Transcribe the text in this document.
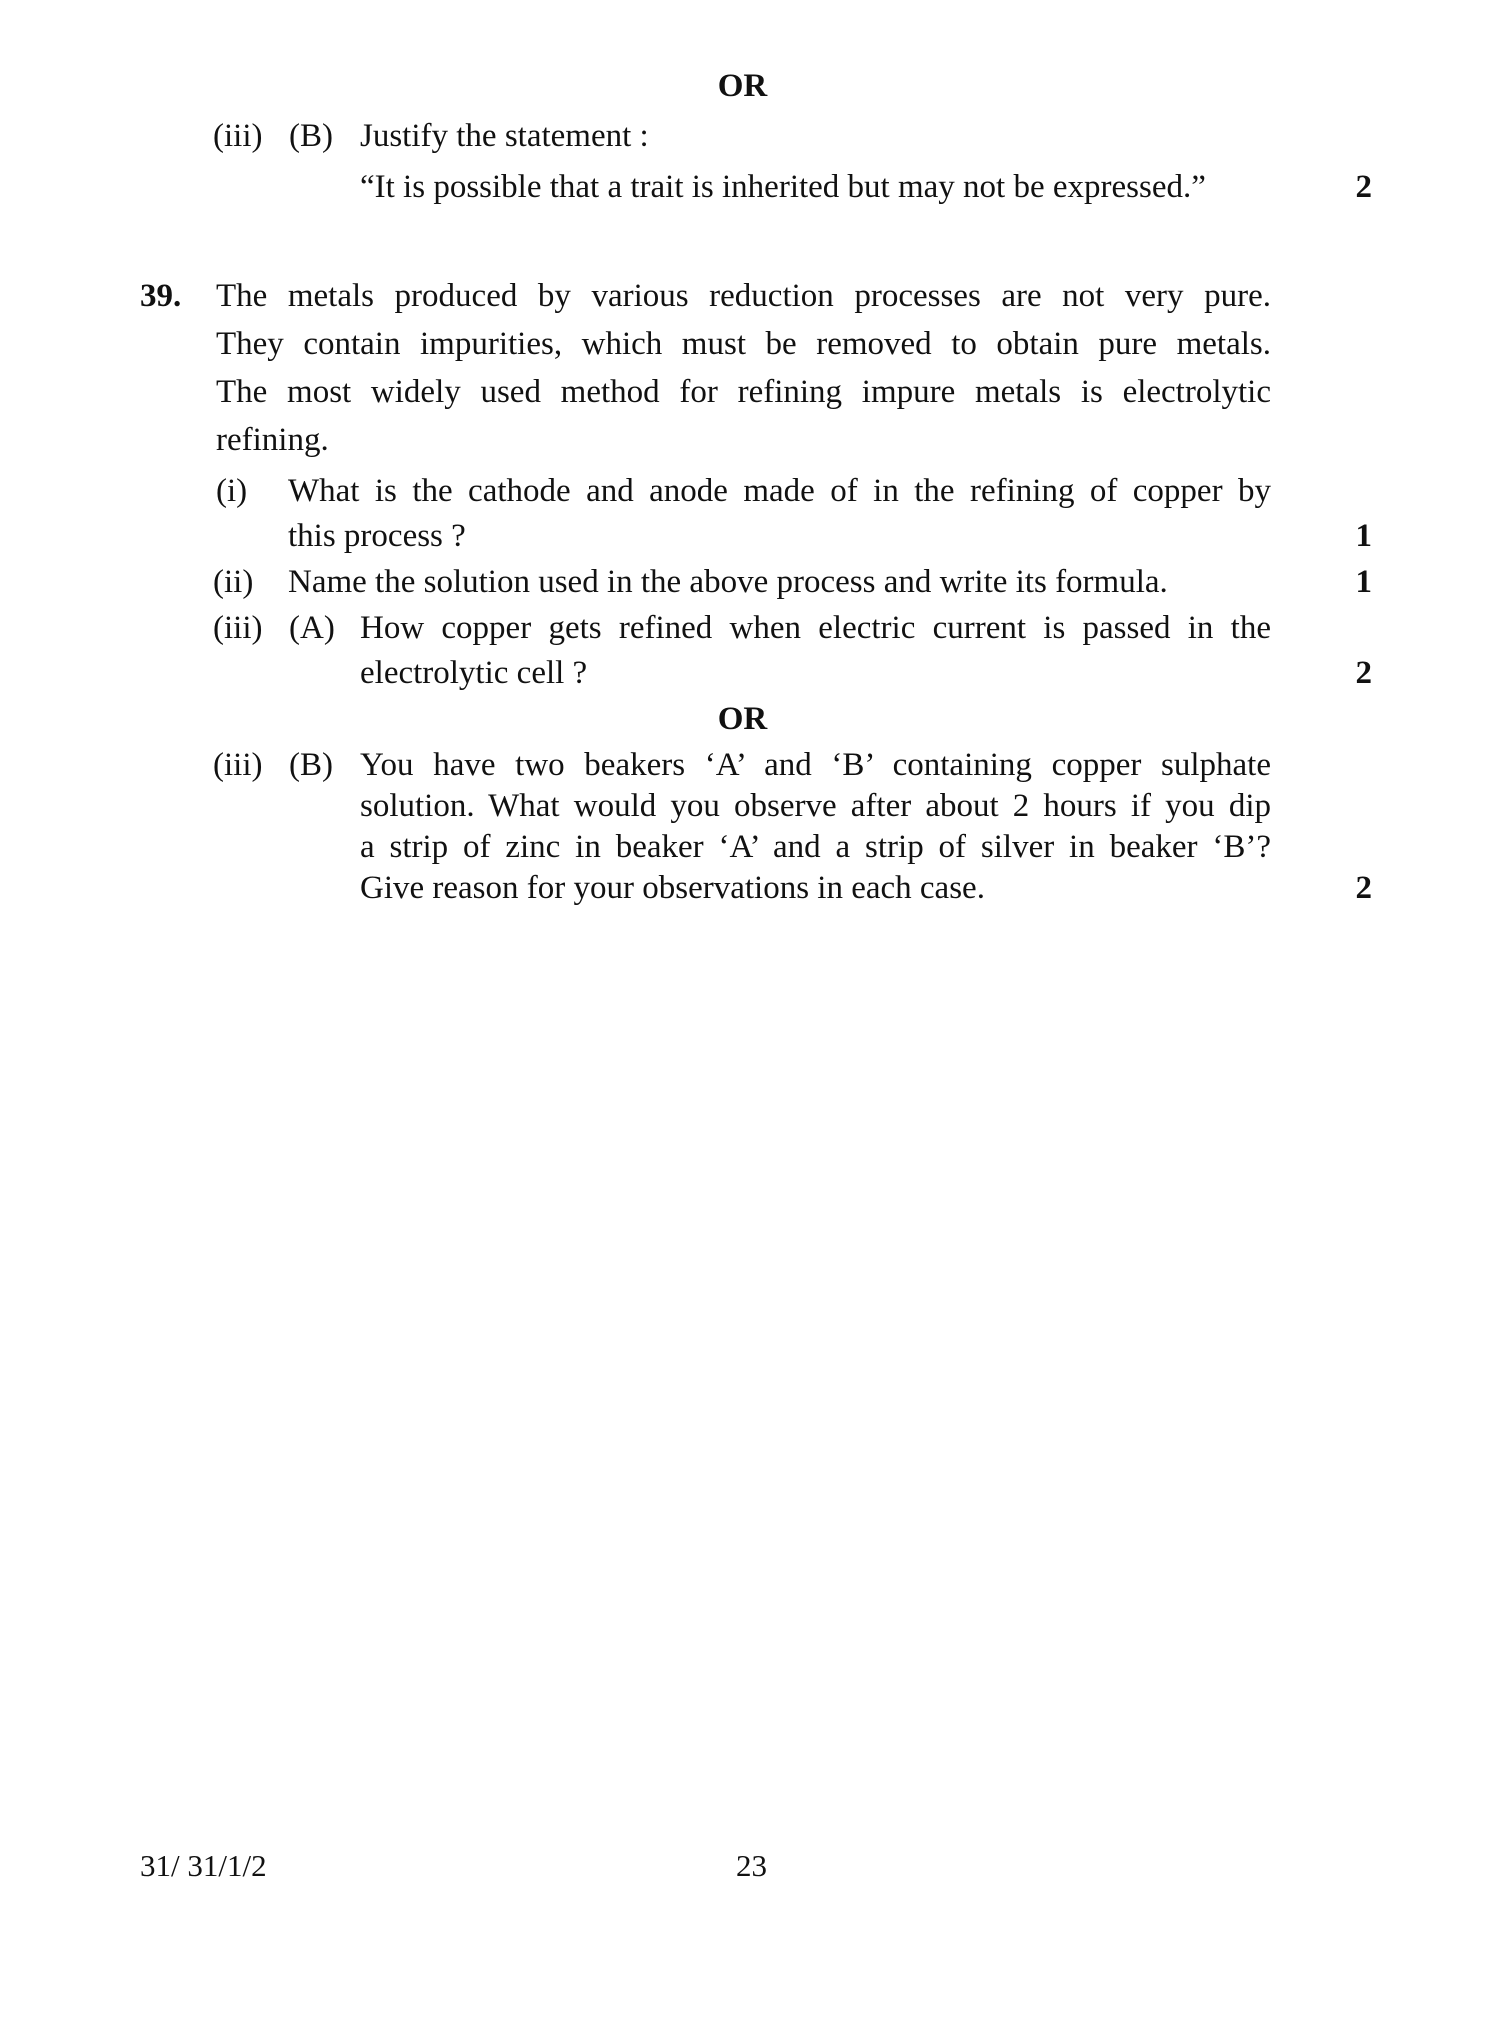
OR
(iii) (B) Justify the statement :
“It is possible that a trait is inherited but may not be expressed.”	2
39. The metals produced by various reduction processes are not very pure.
They contain impurities, which must be removed to obtain pure metals.
The most widely used method for refining impure metals is electrolytic
refining.
(i) What is the cathode and anode made of in the refining of copper by
this process ?	1
(ii) Name the solution used in the above process and write its formula.	1
(iii) (A) How copper gets refined when electric current is passed in the
electrolytic cell ?	2
OR
(iii) (B) You have two beakers ‘A’ and ‘B’ containing copper sulphate
solution. What would you observe after about 2 hours if you dip
a strip of zinc in beaker ‘A’ and a strip of silver in beaker ‘B’?
Give reason for your observations in each case.	2
31/ 31/1/2	23
